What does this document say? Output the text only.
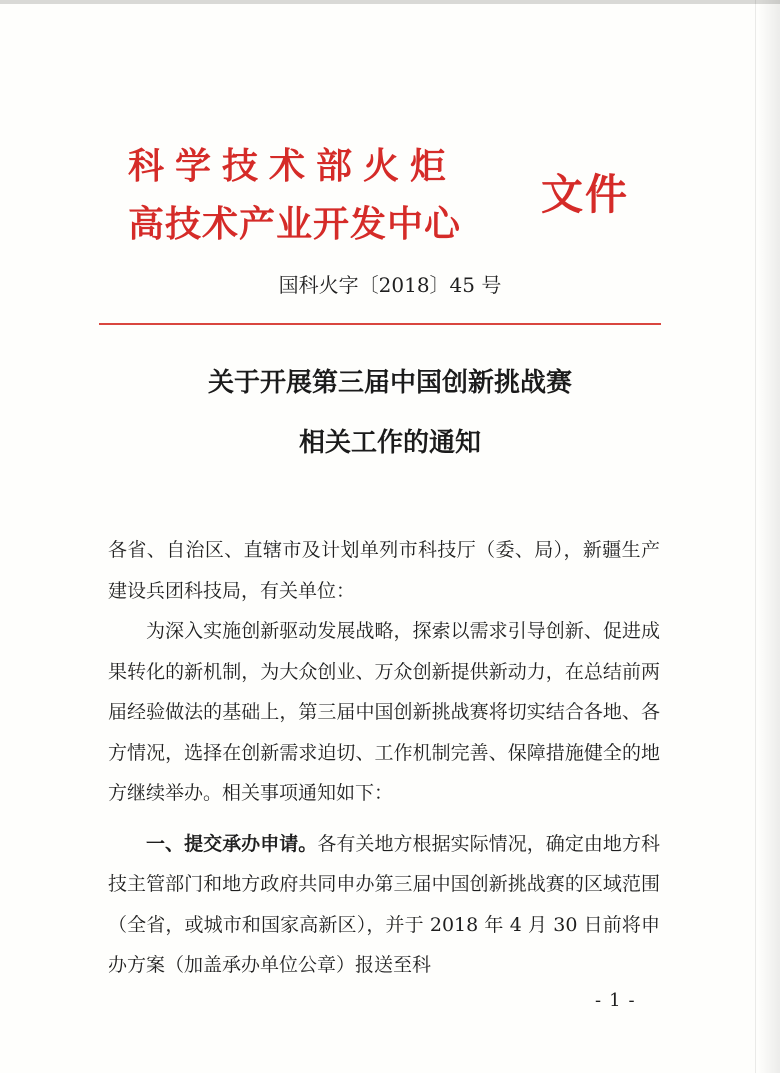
科学技术部火炬
高技术产业开发中心
文件
国科火字〔2018〕45 号
关于开展第三届中国创新挑战赛
相关工作的通知

各省、自治区、直辖市及计划单列市科技厅（委、局），新疆生产建设兵团科技局，有关单位：

为深入实施创新驱动发展战略，探索以需求引导创新、促进成果转化的新机制，为大众创业、万众创新提供新动力，在总结前两届经验做法的基础上，第三届中国创新挑战赛将切实结合各地、各方情况，选择在创新需求迫切、工作机制完善、保障措施健全的地方继续举办。相关事项通知如下：

一、提交承办申请。各有关地方根据实际情况，确定由地方科技主管部门和地方政府共同申办第三届中国创新挑战赛的区域范围（全省，或城市和国家高新区），并于 2018 年 4 月 30 日前将申办方案（加盖承办单位公章）报送至科

- 1 -
